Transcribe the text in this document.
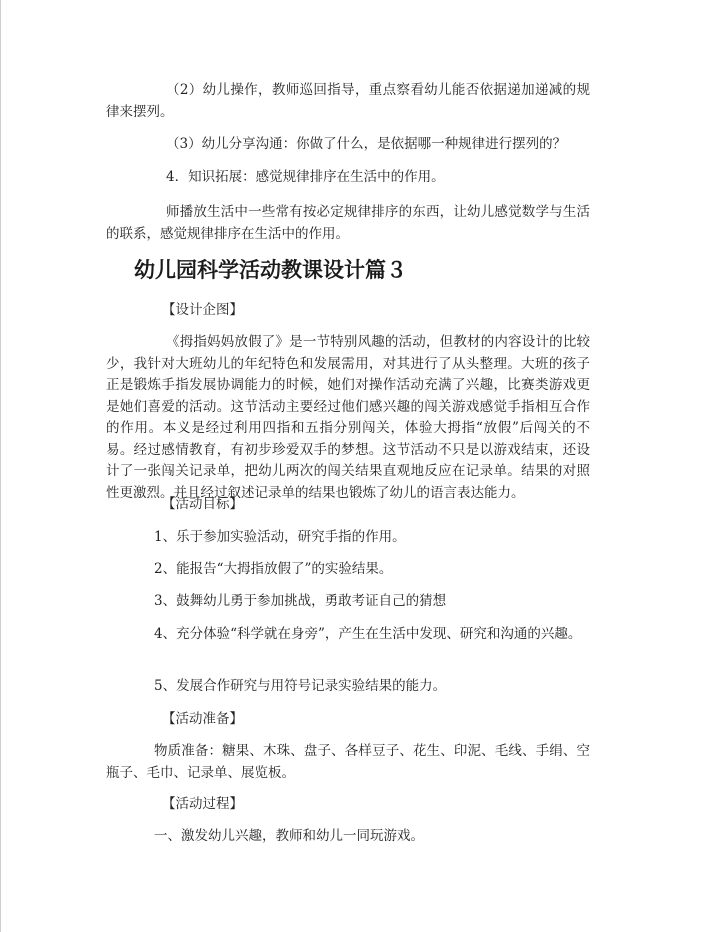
（2）幼儿操作，教师巡回指导，重点察看幼儿能否依据递加递减的规律来摆列。

（3）幼儿分享沟通：你做了什么，是依据哪一种规律进行摆列的？

4．知识拓展：感觉规律排序在生活中的作用。

师播放生活中一些常有按必定规律排序的东西，让幼儿感觉数学与生活的联系，感觉规律排序在生活中的作用。

幼儿园科学活动教课设计篇３

【设计企图】

《拇指妈妈放假了》是一节特别风趣的活动，但教材的内容设计的比较少，我针对大班幼儿的年纪特色和发展需用，对其进行了从头整理。大班的孩子正是锻炼手指发展协调能力的时候，她们对操作活动充满了兴趣，比赛类游戏更是她们喜爱的活动。这节活动主要经过他们感兴趣的闯关游戏感觉手指相互合作的作用。本义是经过利用四指和五指分别闯关，体验大拇指“放假”后闯关的不易。经过感情教育，有初步珍爱双手的梦想。这节活动不只是以游戏结束，还设计了一张闯关记录单，把幼儿两次的闯关结果直观地反应在记录单。结果的对照性更激烈。并且经过叙述记录单的结果也锻炼了幼儿的语言表达能力。

【活动目标】

1、乐于参加实验活动，研究手指的作用。

2、能报告“大拇指放假了”的实验结果。

3、鼓舞幼儿勇于参加挑战，勇敢考证自己的猜想

4、充分体验“科学就在身旁”，产生在生活中发现、研究和沟通的兴趣。

5、发展合作研究与用符号记录实验结果的能力。

【活动准备】

物质准备：糖果、木珠、盘子、各样豆子、花生、印泥、毛线、手绢、空瓶子、毛巾、记录单、展览板。

【活动过程】

一、激发幼儿兴趣，教师和幼儿一同玩游戏。
